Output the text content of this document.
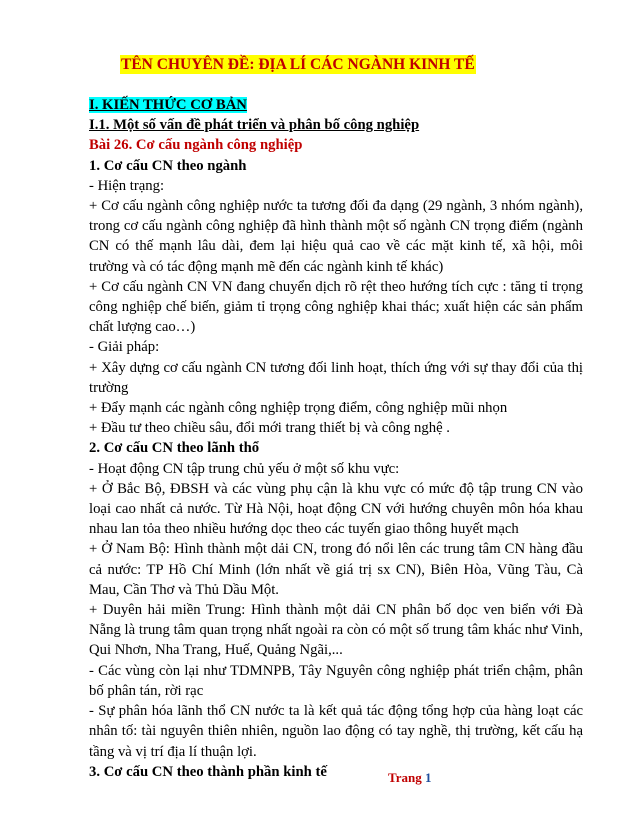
TÊN CHUYÊN ĐỀ: ĐỊA LÍ CÁC NGÀNH KINH TẾ

I. KIẾN THỨC CƠ BẢN

I.1. Một số vấn đề phát triển và phân bố công nghiệp

Bài 26. Cơ cấu ngành công nghiệp

1. Cơ cấu CN theo ngành

- Hiện trạng:

+ Cơ cấu ngành công nghiệp nước ta tương đối đa dạng (29 ngành, 3 nhóm ngành), trong cơ cấu ngành công nghiệp đã hình thành một số ngành CN trọng điểm (ngành CN có thế mạnh lâu dài, đem lại hiệu quả cao về các mặt kinh tế, xã hội, môi trường và có tác động mạnh mẽ đến các ngành kinh tế khác)

+ Cơ cấu ngành CN VN đang chuyển dịch rõ rệt theo hướng tích cực : tăng tỉ trọng công nghiệp chế biến, giảm tỉ trọng công nghiệp khai thác; xuất hiện các sản phẩm chất lượng cao…)

- Giải pháp:

+ Xây dựng cơ cấu ngành CN tương đối linh hoạt, thích ứng với sự thay đổi của thị trường

+ Đẩy mạnh các ngành công nghiệp trọng điểm, công nghiệp mũi nhọn

+ Đầu tư theo chiều sâu, đổi mới trang thiết bị và công nghệ .

2. Cơ cấu CN theo lãnh thổ

- Hoạt động CN tập trung chủ yếu ở một số khu vực:

+ Ở Bắc Bộ, ĐBSH và các vùng phụ cận là khu vực có mức độ tập trung CN vào loại cao nhất cả nước. Từ Hà Nội, hoạt động CN với hướng chuyên môn hóa khau nhau lan tỏa theo nhiều hướng dọc theo các tuyến giao thông huyết mạch

+ Ở Nam Bộ: Hình thành một dải CN, trong đó nổi lên các trung tâm CN hàng đầu cả nước: TP Hồ Chí Minh (lớn nhất về giá trị sx CN), Biên Hòa, Vũng Tàu, Cà Mau, Cần Thơ và Thủ Dầu Một.

+ Duyên hải miền Trung: Hình thành một dải CN phân bố dọc ven biển với Đà Nẵng là trung tâm quan trọng nhất ngoài ra còn có một số trung tâm khác như Vinh, Qui Nhơn, Nha Trang, Huế, Quảng Ngãi,...

- Các vùng còn lại như TDMNPB, Tây Nguyên công nghiệp phát triển chậm, phân bố phân tán, rời rạc

- Sự phân hóa lãnh thổ CN nước ta là kết quả tác động tổng hợp của hàng loạt các nhân tố: tài nguyên thiên nhiên, nguồn lao động có tay nghề, thị trường, kết cấu hạ tầng và vị trí địa lí thuận lợi.

3. Cơ cấu CN theo thành phần kinh tế	Trang 1
